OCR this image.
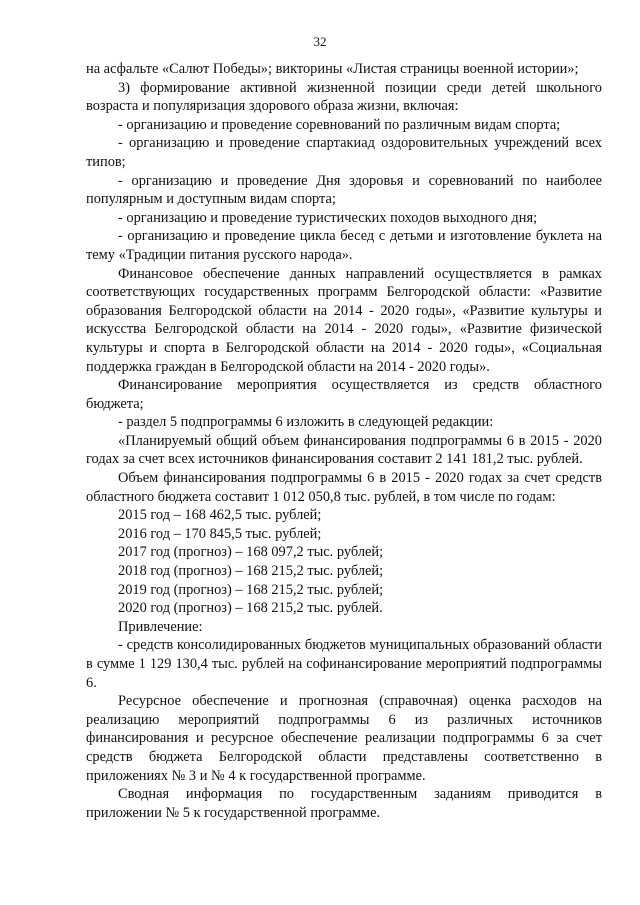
32

на асфальте «Салют Победы»; викторины «Листая страницы военной истории»;

3) формирование активной жизненной позиции среди детей школьного возраста и популяризация здорового образа жизни, включая:

- организацию и проведение соревнований по различным видам спорта;

- организацию и проведение спартакиад оздоровительных учреждений всех типов;

- организацию и проведение Дня здоровья и соревнований по наиболее популярным и доступным видам спорта;

- организацию и проведение туристических походов выходного дня;

- организацию и проведение цикла бесед с детьми и изготовление буклета на тему «Традиции питания русского народа».

Финансовое обеспечение данных направлений осуществляется в рамках соответствующих государственных программ Белгородской области: «Развитие образования Белгородской области на 2014 - 2020 годы», «Развитие культуры и искусства Белгородской области на 2014 - 2020 годы», «Развитие физической культуры и спорта в Белгородской области на 2014 - 2020 годы», «Социальная поддержка граждан в Белгородской области на 2014 - 2020 годы».

Финансирование мероприятия осуществляется из средств областного бюджета;

- раздел 5 подпрограммы 6 изложить в следующей редакции:

«Планируемый общий объем финансирования подпрограммы 6 в 2015 - 2020 годах за счет всех источников финансирования составит 2 141 181,2 тыс. рублей.

Объем финансирования подпрограммы 6 в 2015 - 2020 годах за счет средств областного бюджета составит 1 012 050,8 тыс. рублей, в том числе по годам:

2015 год – 168 462,5 тыс. рублей;

2016 год – 170 845,5 тыс. рублей;

2017 год (прогноз) – 168 097,2 тыс. рублей;

2018 год (прогноз) – 168 215,2 тыс. рублей;

2019 год (прогноз) – 168 215,2 тыс. рублей;

2020 год (прогноз) – 168 215,2 тыс. рублей.

Привлечение:

- средств консолидированных бюджетов муниципальных образований области в сумме 1 129 130,4 тыс. рублей на софинансирование мероприятий подпрограммы 6.

Ресурсное обеспечение и прогнозная (справочная) оценка расходов на реализацию мероприятий подпрограммы 6 из различных источников финансирования и ресурсное обеспечение реализации подпрограммы 6 за счет средств бюджета Белгородской области представлены соответственно в приложениях № 3 и № 4 к государственной программе.

Сводная информация по государственным заданиям приводится в приложении № 5 к государственной программе.
